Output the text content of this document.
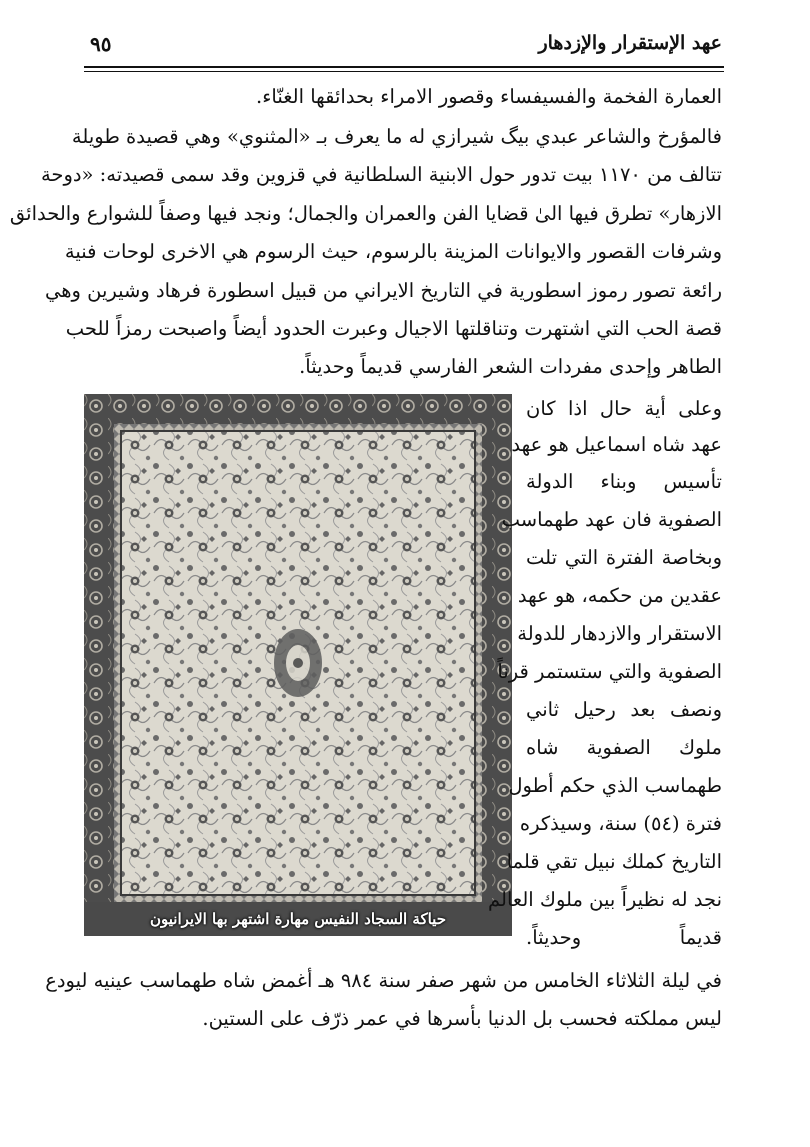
٩٥	عهد الإستقرار والإزدهار
العمارة الفخمة والفسيفساء وقصور الامراء بحدائقها الغنّاء.
فالمؤرخ والشاعر عبدي بيگ شيرازي له ما يعرف بـ «المثنوي» وهي قصيدة طويلة
تتالف من ١١٧٠ بيت تدور حول الابنية السلطانية في قزوين وقد سمى قصيدته: «دوحة
الازهار» تطرق فيها الىٰ قضايا الفن والعمران والجمال؛ ونجد فيها وصفاً للشوارع والحدائق
وشرفات القصور والايوانات المزينة بالرسوم، حيث الرسوم هي الاخرى لوحات فنية
رائعة تصور رموز اسطورية في التاريخ الايراني من قبيل اسطورة فرهاد وشيرين وهي
قصة الحب التي اشتهرت وتناقلتها الاجيال وعبرت الحدود أيضاً واصبحت رمزاً للحب
الطاهر وإحدى مفردات الشعر الفارسي قديماً وحديثاً.
حياكة السجاد النفيس مهارة اشتهر بها الايرانيون
وعلى أية حال اذا كان
عهد شاه اسماعيل هو عهد
تأسيس وبناء الدولة
الصفوية فان عهد طهماسب
وبخاصة الفترة التي تلت
عقدين من حكمه، هو عهد
الاستقرار والازدهار للدولة
الصفوية والتي ستستمر قرناً
ونصف بعد رحيل ثاني
ملوك الصفوية شاه
طهماسب الذي حكم أطول
فترة (٥٤) سنة، وسيذكره
التاريخ كملك نبيل تقي قلما
نجد له نظيراً بين ملوك العالم
قديماً وحديثاً.
في ليلة الثلاثاء الخامس من شهر صفر سنة ٩٨٤ هـ أغمض شاه طهماسب عينيه ليودع
ليس مملكته فحسب بل الدنيا بأسرها في عمر ذرّف على الستين.
